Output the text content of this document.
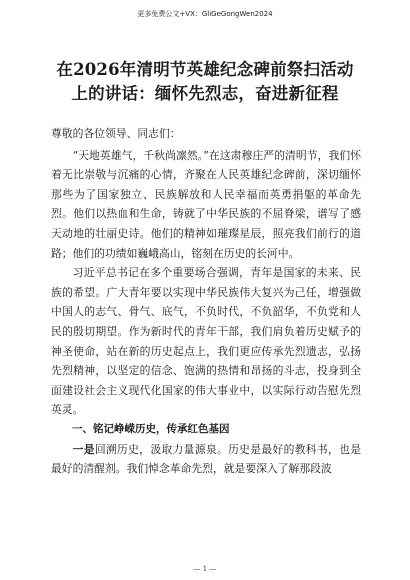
更多免费公文+VX：GliGeGongWen2024
在2026年清明节英雄纪念碑前祭扫活动
上的讲话：缅怀先烈志，奋进新征程

尊敬的各位领导、同志们：

“天地英雄气，千秋尚凛然。”在这肃穆庄严的清明节，我们怀着无比崇敬与沉痛的心情，齐聚在人民英雄纪念碑前，深切缅怀那些为了国家独立、民族解放和人民幸福而英勇捐躯的革命先烈。他们以热血和生命，铸就了中华民族的不屈脊梁，谱写了感天动地的壮丽史诗。他们的精神如璀璨星辰，照亮我们前行的道路；他们的功绩如巍峨高山，铭刻在历史的长河中。

习近平总书记在多个重要场合强调，青年是国家的未来、民族的希望。广大青年要以实现中华民族伟大复兴为己任，增强做中国人的志气、骨气、底气，不负时代，不负韶华，不负党和人民的殷切期望。作为新时代的青年干部，我们肩负着历史赋予的神圣使命，站在新的历史起点上，我们更应传承先烈遗志，弘扬先烈精神，以坚定的信念、饱满的热情和昂扬的斗志，投身到全面建设社会主义现代化国家的伟大事业中，以实际行动告慰先烈英灵。

一、铭记峥嵘历史，传承红色基因

一是回溯历史，汲取力量源泉。历史是最好的教科书，也是最好的清醒剂。我们悼念革命先烈，就是要深入了解那段波

— 1 —
